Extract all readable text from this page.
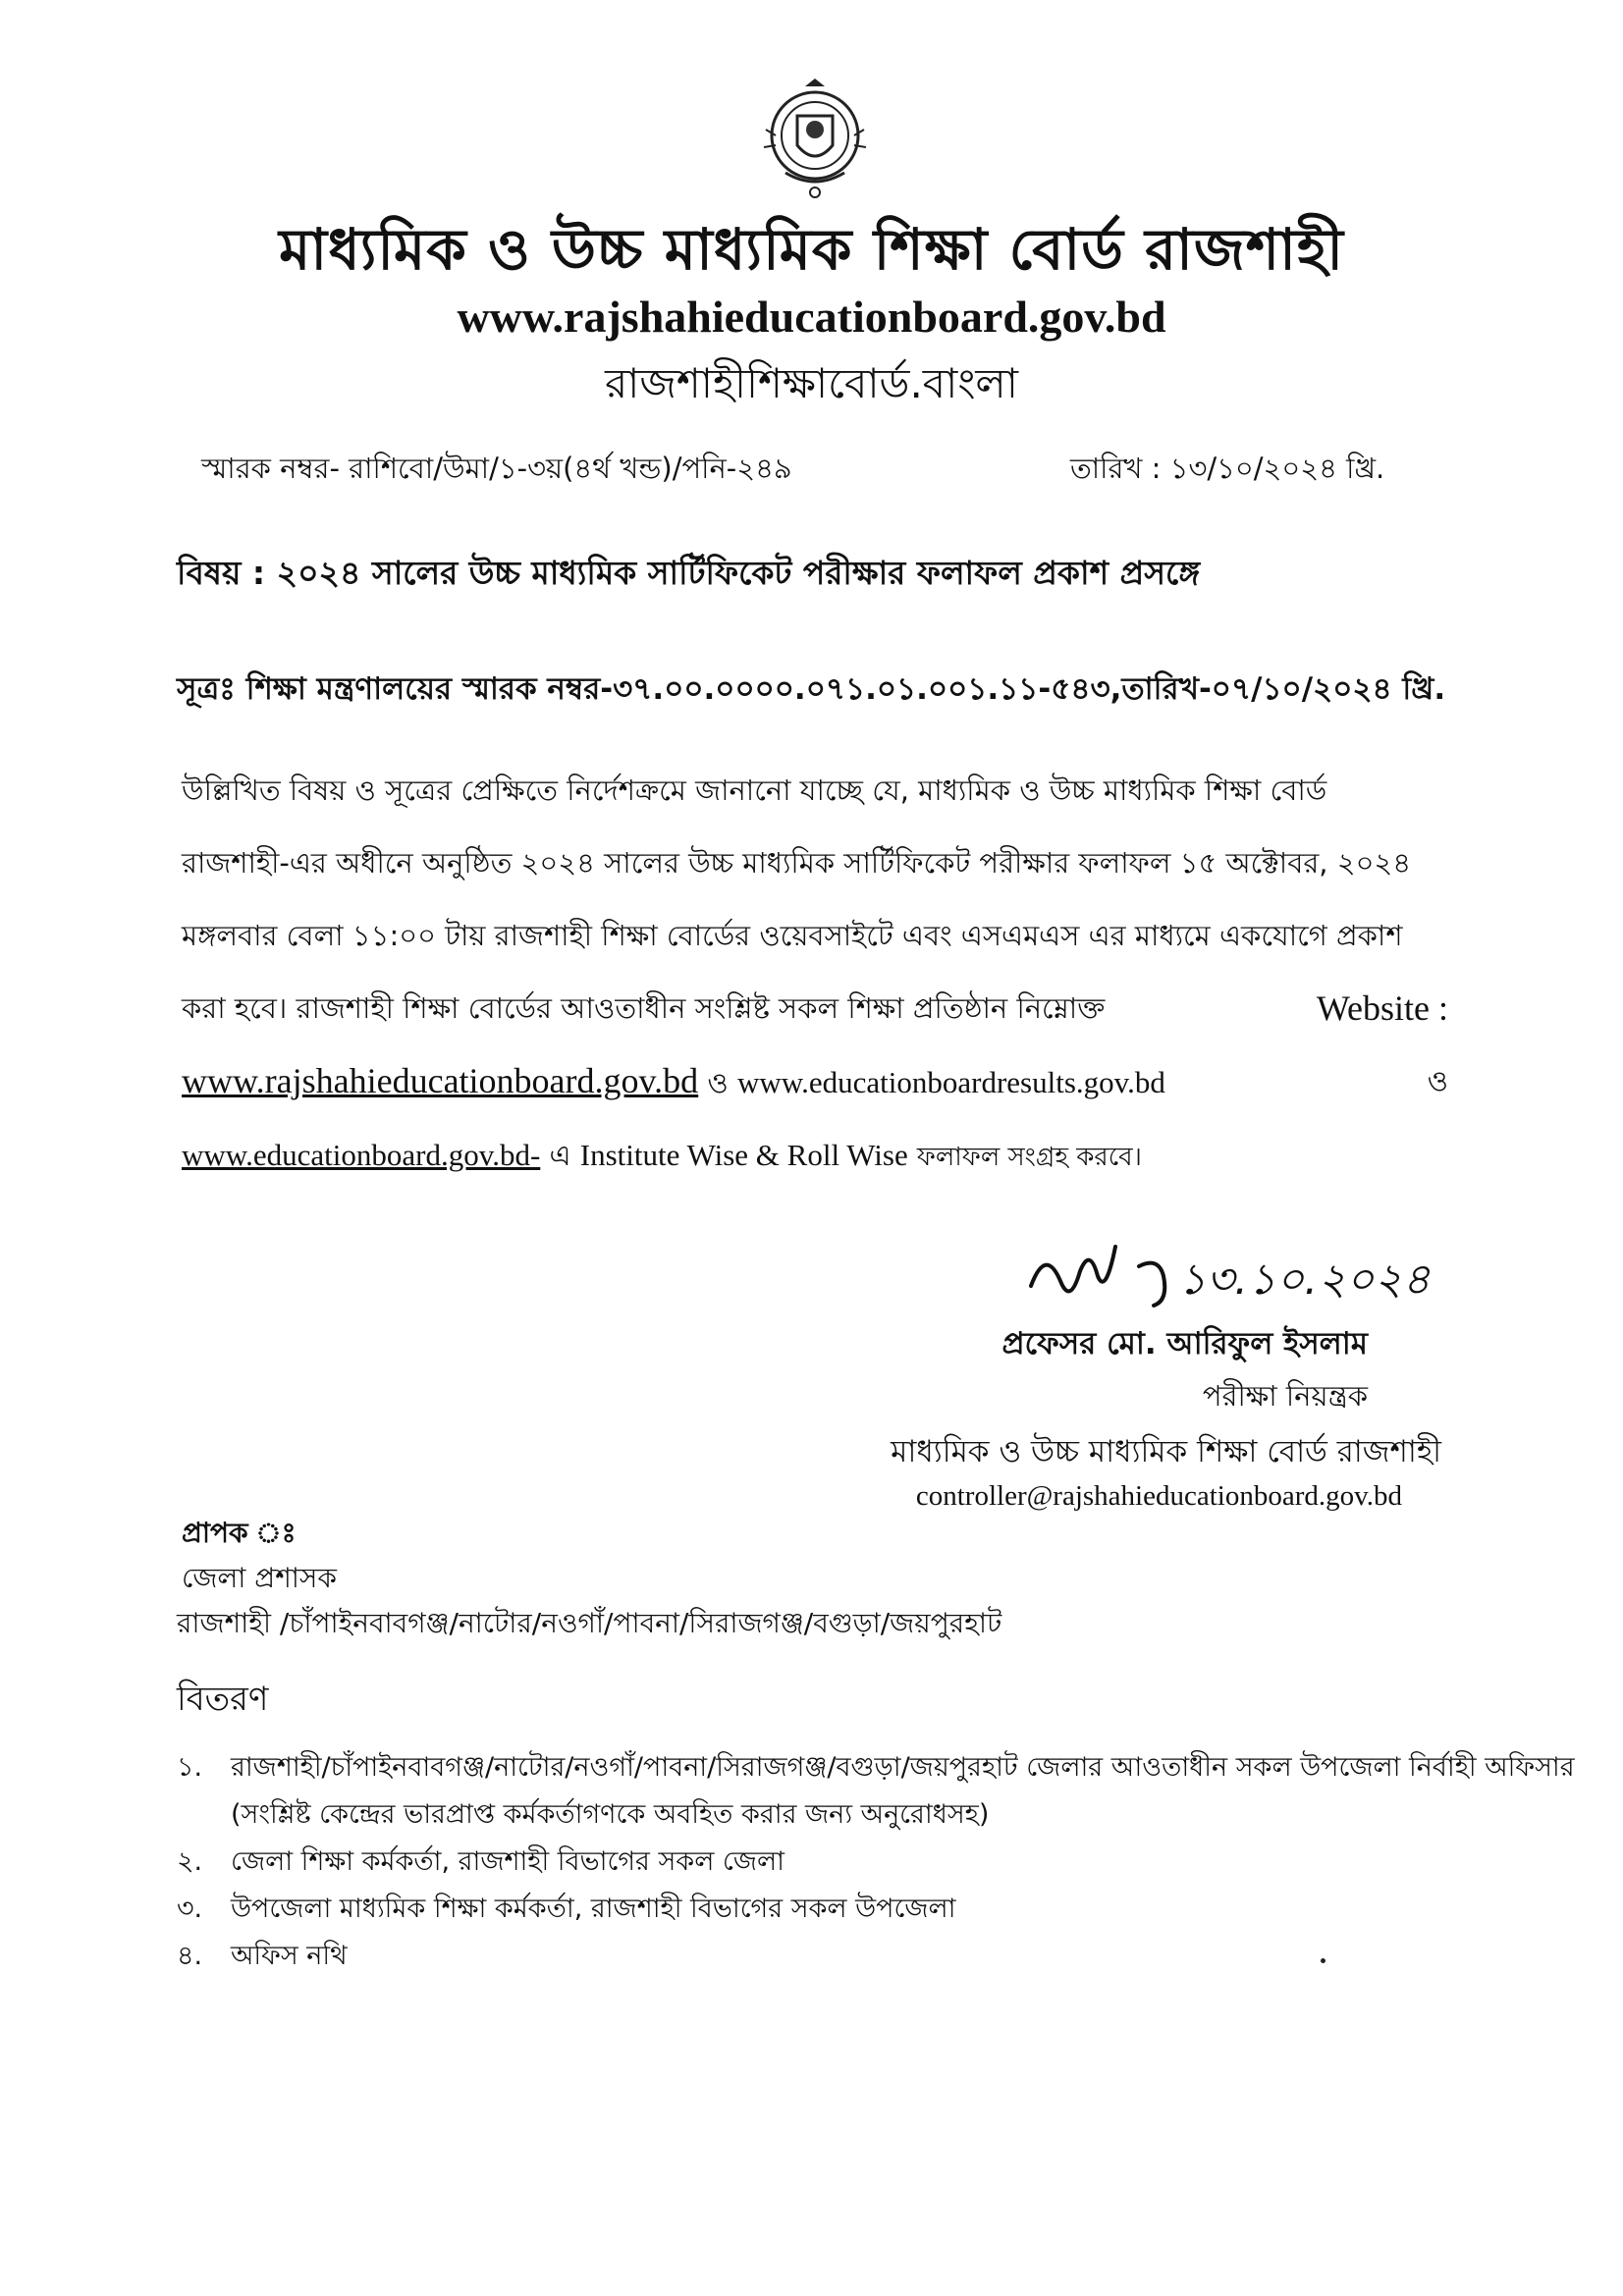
মাধ্যমিক ও উচ্চ মাধ্যমিক শিক্ষা বোর্ড রাজশাহী
www.rajshahieducationboard.gov.bd
রাজশাহীশিক্ষাবোর্ড.বাংলা
স্মারক নম্বর- রাশিবো/উমা/১-৩য়(৪র্থ খন্ড)/পনি-২৪৯	তারিখ : ১৩/১০/২০২৪ খ্রি.
বিষয় : ২০২৪ সালের উচ্চ মাধ্যমিক সার্টিফিকেট পরীক্ষার ফলাফল প্রকাশ প্রসঙ্গে
সূত্রঃ শিক্ষা মন্ত্রণালয়ের স্মারক নম্বর-৩৭.০০.০০০০.০৭১.০১.০০১.১১-৫৪৩,তারিখ-০৭/১০/২০২৪ খ্রি.
উল্লিখিত বিষয় ও সূত্রের প্রেক্ষিতে নির্দেশক্রমে জানানো যাচ্ছে যে, মাধ্যমিক ও উচ্চ মাধ্যমিক শিক্ষা বোর্ড
রাজশাহী-এর অধীনে অনুষ্ঠিত ২০২৪ সালের উচ্চ মাধ্যমিক সার্টিফিকেট পরীক্ষার ফলাফল ১৫ অক্টোবর, ২০২৪
মঙ্গলবার বেলা ১১:০০ টায় রাজশাহী শিক্ষা বোর্ডের ওয়েবসাইটে এবং এসএমএস এর মাধ্যমে একযোগে প্রকাশ
করা হবে। রাজশাহী শিক্ষা বোর্ডের আওতাধীন সংশ্লিষ্ট সকল শিক্ষা প্রতিষ্ঠান নিম্নোক্ত	Website :
www.rajshahieducationboard.gov.bd ও www.educationboardresults.gov.bd	ও
www.educationboard.gov.bd- এ Institute Wise & Roll Wise ফলাফল সংগ্রহ করবে।
১৩.১০.২০২৪
প্রফেসর মো. আরিফুল ইসলাম
পরীক্ষা নিয়ন্ত্রক
মাধ্যমিক ও উচ্চ মাধ্যমিক শিক্ষা বোর্ড রাজশাহী
controller@rajshahieducationboard.gov.bd
প্রাপক ঃ
জেলা প্রশাসক
রাজশাহী /চাঁপাইনবাবগঞ্জ/নাটোর/নওগাঁ/পাবনা/সিরাজগঞ্জ/বগুড়া/জয়পুরহাট
বিতরণ
১. রাজশাহী/চাঁপাইনবাবগঞ্জ/নাটোর/নওগাঁ/পাবনা/সিরাজগঞ্জ/বগুড়া/জয়পুরহাট জেলার আওতাধীন সকল উপজেলা নির্বাহী অফিসার
(সংশ্লিষ্ট কেন্দ্রের ভারপ্রাপ্ত কর্মকর্তাগণকে অবহিত করার জন্য অনুরোধসহ)
২. জেলা শিক্ষা কর্মকর্তা, রাজশাহী বিভাগের সকল জেলা
৩. উপজেলা মাধ্যমিক শিক্ষা কর্মকর্তা, রাজশাহী বিভাগের সকল উপজেলা
৪. অফিস নথি
